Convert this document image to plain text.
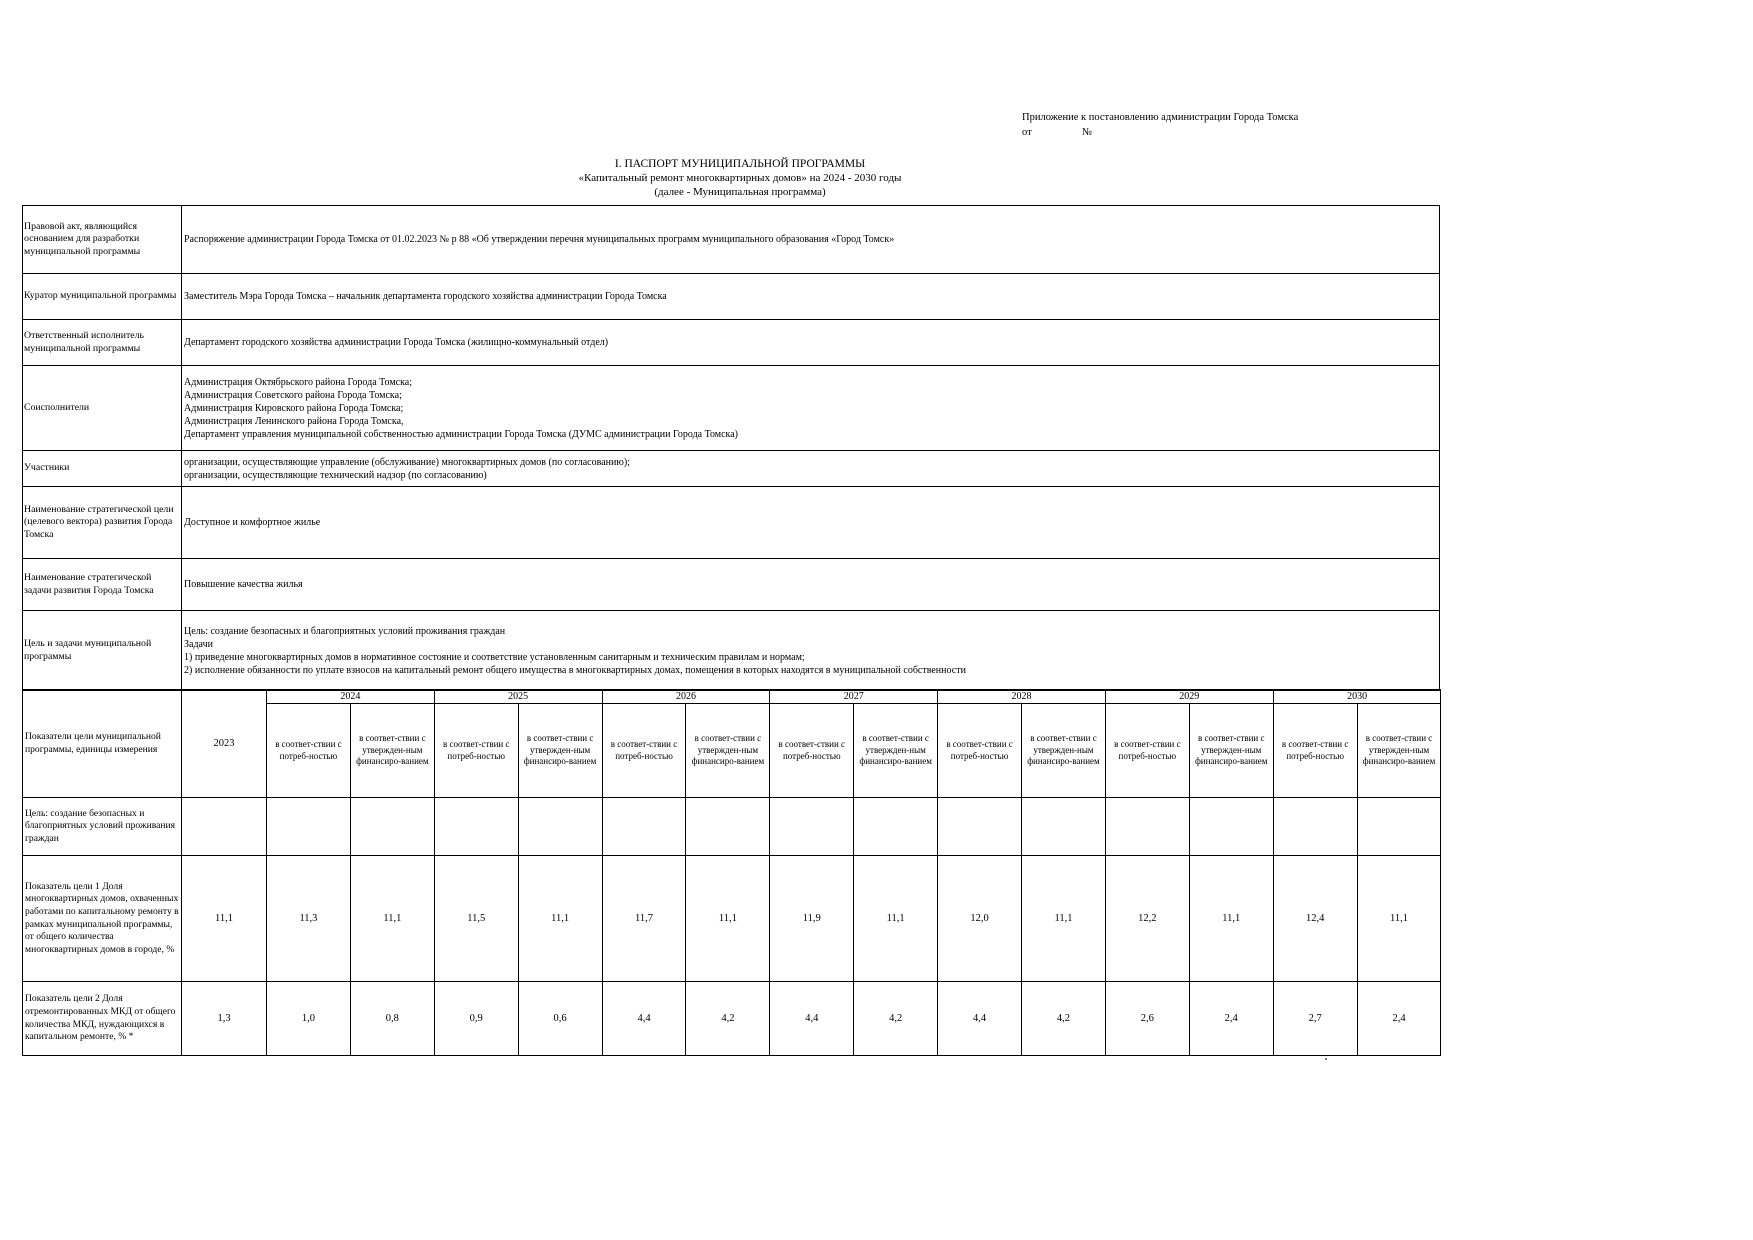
Приложение к постановлению администрации Города Томска
от	№
I. ПАСПОРТ МУНИЦИПАЛЬНОЙ ПРОГРАММЫ
«Капитальный ремонт многоквартирных домов» на 2024 - 2030 годы
(далее - Муниципальная программа)
Правовой акт, являющийся основанием для разработки муниципальной программы	Распоряжение администрации Города Томска от 01.02.2023 № р 88 «Об утверждении перечня муниципальных программ муниципального образования «Город Томск»

Куратор муниципальной программы	Заместитель Мэра Города Томска – начальник департамента городского хозяйства администрации Города Томска

Ответственный исполнитель муниципальной программы	Департамент городского хозяйства администрации Города Томска (жилищно-коммунальный отдел)

Соисполнители	Администрация Октябрьского района Города Томска;
Администрация Советского района Города Томска;
Администрация Кировского района Города Томска;
Администрация Ленинского района Города Томска,
Департамент управления муниципальной собственностью администрации Города Томска (ДУМС администрации Города Томска)

Участники	организации, осуществляющие управление (обслуживание) многоквартирных домов (по согласованию);
организации, осуществляющие технический надзор (по согласованию)

Наименование стратегической цели (целевого вектора) развития Города Томска	Доступное и комфортное жилье

Наименование стратегической задачи развития Города Томска	Повышение качества жилья

Цель и задачи муниципальной программы	Цель: создание безопасных и благоприятных условий проживания граждан
Задачи
1) приведение многоквартирных домов в нормативное состояние и соответствие установленным санитарным и техническим правилам и нормам;
2) исполнение обязанности по уплате взносов на капитальный ремонт общего имущества в многоквартирных домах, помещения в которых находятся в муниципальной собственности
Показатели цели муниципальной программы, единицы измерения	2023	2024		2025		2026		2027		2028		2029		2030	
		в соответ-ствии с потреб-ностью	в соответ-ствии с утвержден-ным финансиро-ванием	в соответ-ствии с потреб-ностью	в соответ-ствии с утвержден-ным финансиро-ванием	в соответ-ствии с потреб-ностью	в соответ-ствии с утвержден-ным финансиро-ванием	в соответ-ствии с потреб-ностью	в соответ-ствии с утвержден-ным финансиро-ванием	в соответ-ствии с потреб-ностью	в соответ-ствии с утвержден-ным финансиро-ванием	в соответ-ствии с потреб-ностью	в соответ-ствии с утвержден-ным финансиро-ванием	в соответ-ствии с потреб-ностью	в соответ-ствии с утвержден-ным финансиро-ванием
Цель: создание безопасных и благоприятных условий проживания граждан															
Показатель цели 1 Доля многоквартирных домов, охваченных работами по капитальному ремонту в рамках муниципальной программы, от общего количества многоквартирных домов в городе, %	11,1	11,3	11,1	11,5	11,1	11,7	11,1	11,9	11,1	12,0	11,1	12,2	11,1	12,4	11,1
Показатель цели 2 Доля отремонтированных МКД от общего количества МКД, нуждающихся в капитальном ремонте, % *	1,3	1,0	0,8	0,9	0,6	4,4	4,2	4,4	4,2	4,4	4,2	2,6	2,4	2,7	2,4
